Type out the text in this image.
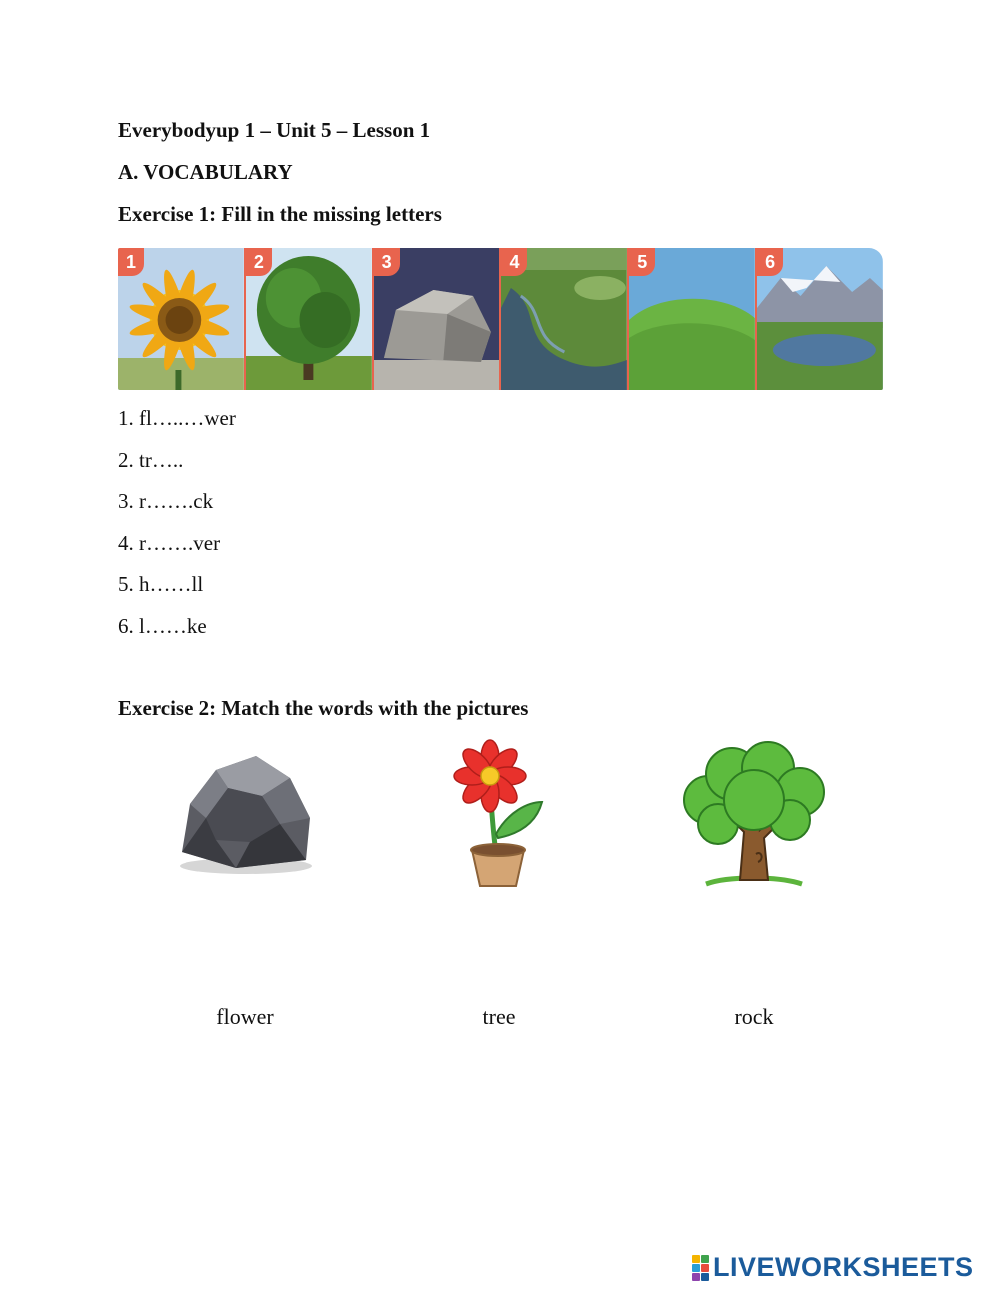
Everybodyup 1 – Unit 5 – Lesson 1
A. VOCABULARY
Exercise 1: Fill in the missing letters
1	2	3	4	5	6
1. fl…..…wer
2. tr…..
3. r…….ck
4. r…….ver
5. h……ll
6. l……ke
Exercise 2: Match the words with the pictures
flower	tree	rock
LIVEWORKSHEETS
